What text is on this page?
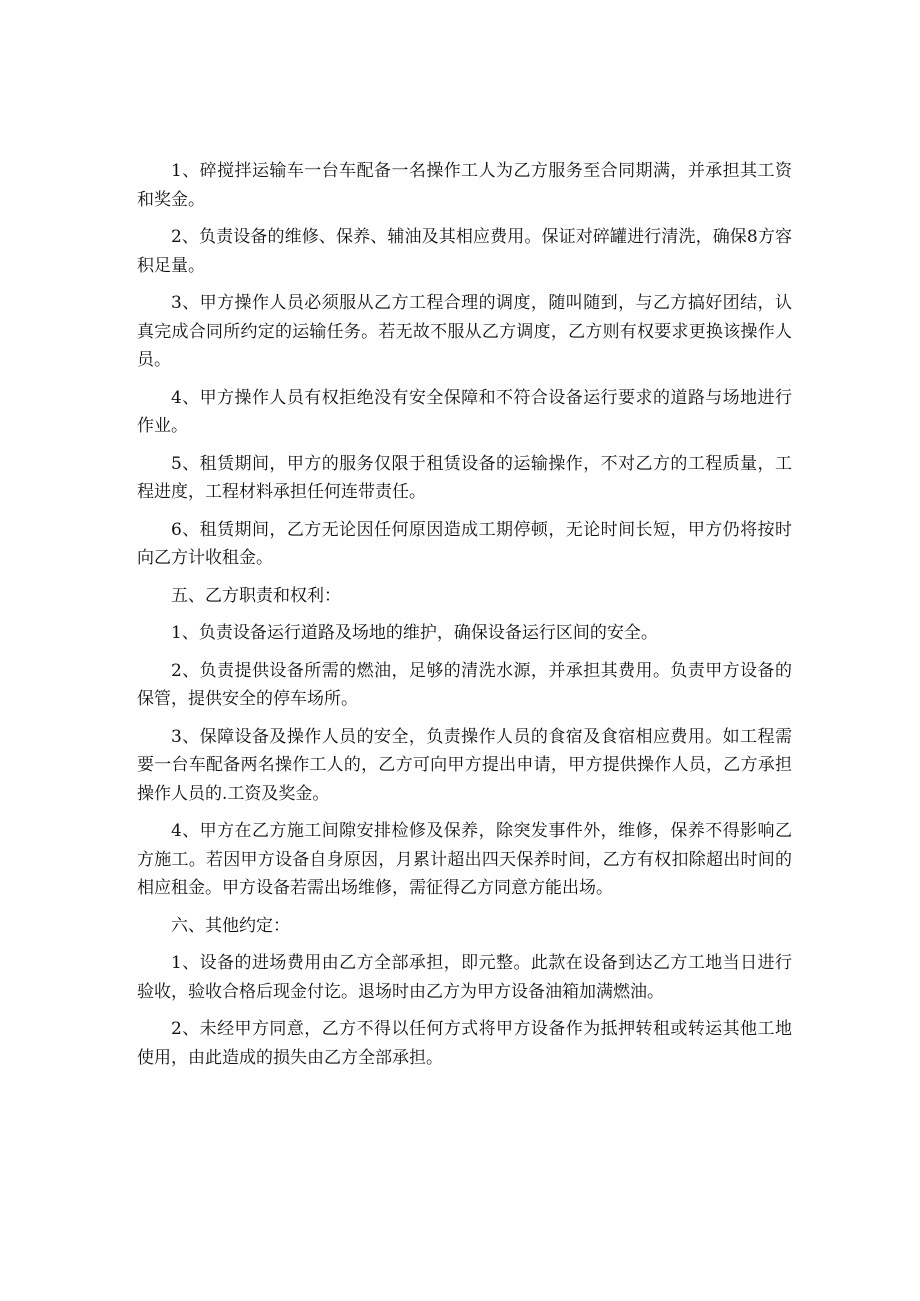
1、碎搅拌运输车一台车配备一名操作工人为乙方服务至合同期满，并承担其工资和奖金。

2、负责设备的维修、保养、辅油及其相应费用。保证对碎罐进行清洗，确保8方容积足量。

3、甲方操作人员必须服从乙方工程合理的调度，随叫随到，与乙方搞好团结，认真完成合同所约定的运输任务。若无故不服从乙方调度，乙方则有权要求更换该操作人员。

4、甲方操作人员有权拒绝没有安全保障和不符合设备运行要求的道路与场地进行作业。

5、租赁期间，甲方的服务仅限于租赁设备的运输操作，不对乙方的工程质量，工程进度，工程材料承担任何连带责任。

6、租赁期间，乙方无论因任何原因造成工期停顿，无论时间长短，甲方仍将按时向乙方计收租金。

五、乙方职责和权利：

1、负责设备运行道路及场地的维护，确保设备运行区间的安全。

2、负责提供设备所需的燃油，足够的清洗水源，并承担其费用。负责甲方设备的保管，提供安全的停车场所。

3、保障设备及操作人员的安全，负责操作人员的食宿及食宿相应费用。如工程需要一台车配备两名操作工人的，乙方可向甲方提出申请，甲方提供操作人员，乙方承担操作人员的.工资及奖金。

4、甲方在乙方施工间隙安排检修及保养，除突发事件外，维修，保养不得影响乙方施工。若因甲方设备自身原因，月累计超出四天保养时间，乙方有权扣除超出时间的相应租金。甲方设备若需出场维修，需征得乙方同意方能出场。

六、其他约定：

1、设备的进场费用由乙方全部承担，即元整。此款在设备到达乙方工地当日进行验收，验收合格后现金付讫。退场时由乙方为甲方设备油箱加满燃油。

2、未经甲方同意，乙方不得以任何方式将甲方设备作为抵押转租或转运其他工地使用，由此造成的损失由乙方全部承担。
